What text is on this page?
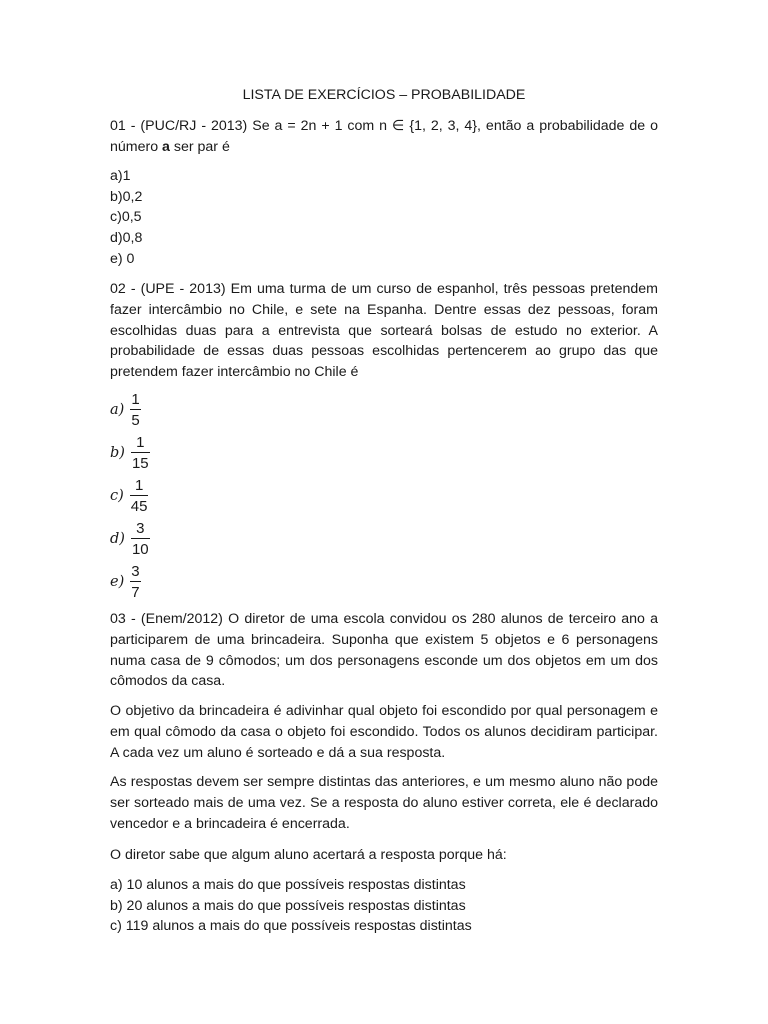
LISTA DE EXERCÍCIOS – PROBABILIDADE
01 - (PUC/RJ - 2013) Se a = 2n + 1 com n ∈ {1, 2, 3, 4}, então a probabilidade de o número a ser par é
a)1
b)0,2
c)0,5
d)0,8
e) 0
02 - (UPE - 2013) Em uma turma de um curso de espanhol, três pessoas pretendem fazer intercâmbio no Chile, e sete na Espanha. Dentre essas dez pessoas, foram escolhidas duas para a entrevista que sorteará bolsas de estudo no exterior. A probabilidade de essas duas pessoas escolhidas pertencerem ao grupo das que pretendem fazer intercâmbio no Chile é
$a) \frac{1}{5}$
$b) \frac{1}{15}$
$c) \frac{1}{45}$
$d) \frac{3}{10}$
$e) \frac{3}{7}$
03 - (Enem/2012) O diretor de uma escola convidou os 280 alunos de terceiro ano a participarem de uma brincadeira. Suponha que existem 5 objetos e 6 personagens numa casa de 9 cômodos; um dos personagens esconde um dos objetos em um dos cômodos da casa.
O objetivo da brincadeira é adivinhar qual objeto foi escondido por qual personagem e em qual cômodo da casa o objeto foi escondido. Todos os alunos decidiram participar. A cada vez um aluno é sorteado e dá a sua resposta.
As respostas devem ser sempre distintas das anteriores, e um mesmo aluno não pode ser sorteado mais de uma vez. Se a resposta do aluno estiver correta, ele é declarado vencedor e a brincadeira é encerrada.
O diretor sabe que algum aluno acertará a resposta porque há:
a) 10 alunos a mais do que possíveis respostas distintas
b) 20 alunos a mais do que possíveis respostas distintas
c) 119 alunos a mais do que possíveis respostas distintas
